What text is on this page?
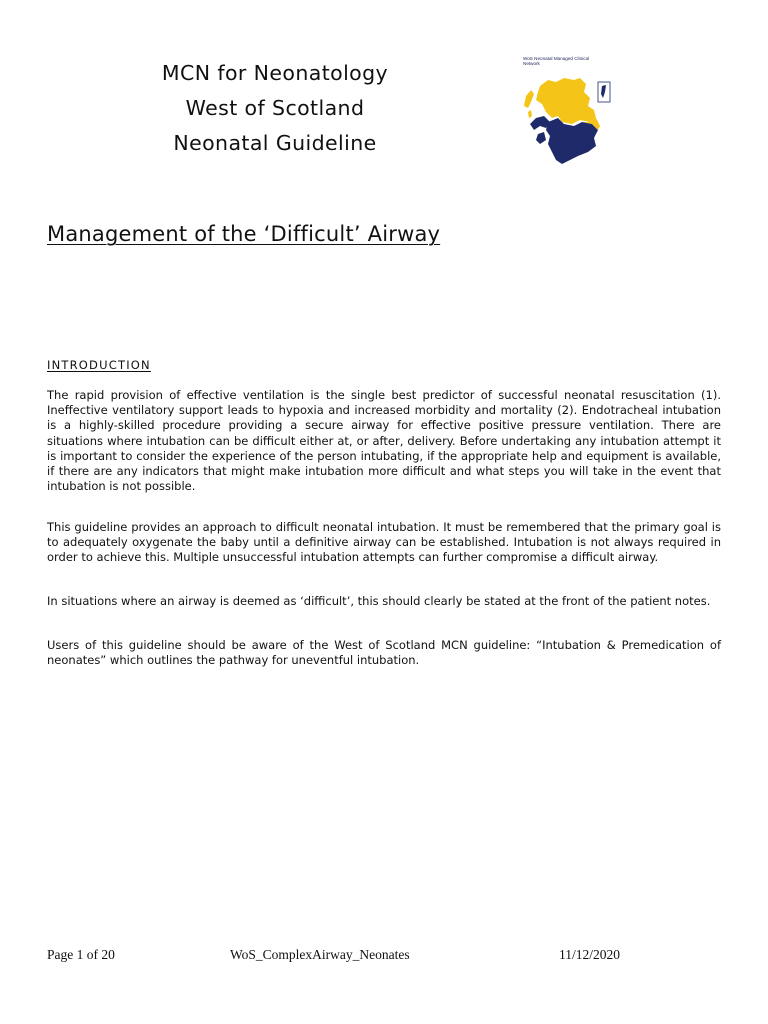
MCN for Neonatology
West of Scotland
Neonatal Guideline
WoS Neonatal Managed Clinical Network
Management of the ‘Difficult’ Airway
INTRODUCTION

The rapid provision of effective ventilation is the single best predictor of successful neonatal resuscitation (1). Ineffective ventilatory support leads to hypoxia and increased morbidity and mortality (2). Endotracheal intubation is a highly-skilled procedure providing a secure airway for effective positive pressure ventilation. There are situations where intubation can be difficult either at, or after, delivery. Before undertaking any intubation attempt it is important to consider the experience of the person intubating, if the appropriate help and equipment is available, if there are any indicators that might make intubation more difficult and what steps you will take in the event that intubation is not possible.

This guideline provides an approach to difficult neonatal intubation. It must be remembered that the primary goal is to adequately oxygenate the baby until a definitive airway can be established. Intubation is not always required in order to achieve this. Multiple unsuccessful intubation attempts can further compromise a difficult airway.

In situations where an airway is deemed as ‘difficult’, this should clearly be stated at the front of the patient notes.

Users of this guideline should be aware of the West of Scotland MCN guideline: “Intubation & Premedication of neonates” which outlines the pathway for uneventful intubation.

Page 1 of 20	WoS_ComplexAirway_Neonates	11/12/2020
